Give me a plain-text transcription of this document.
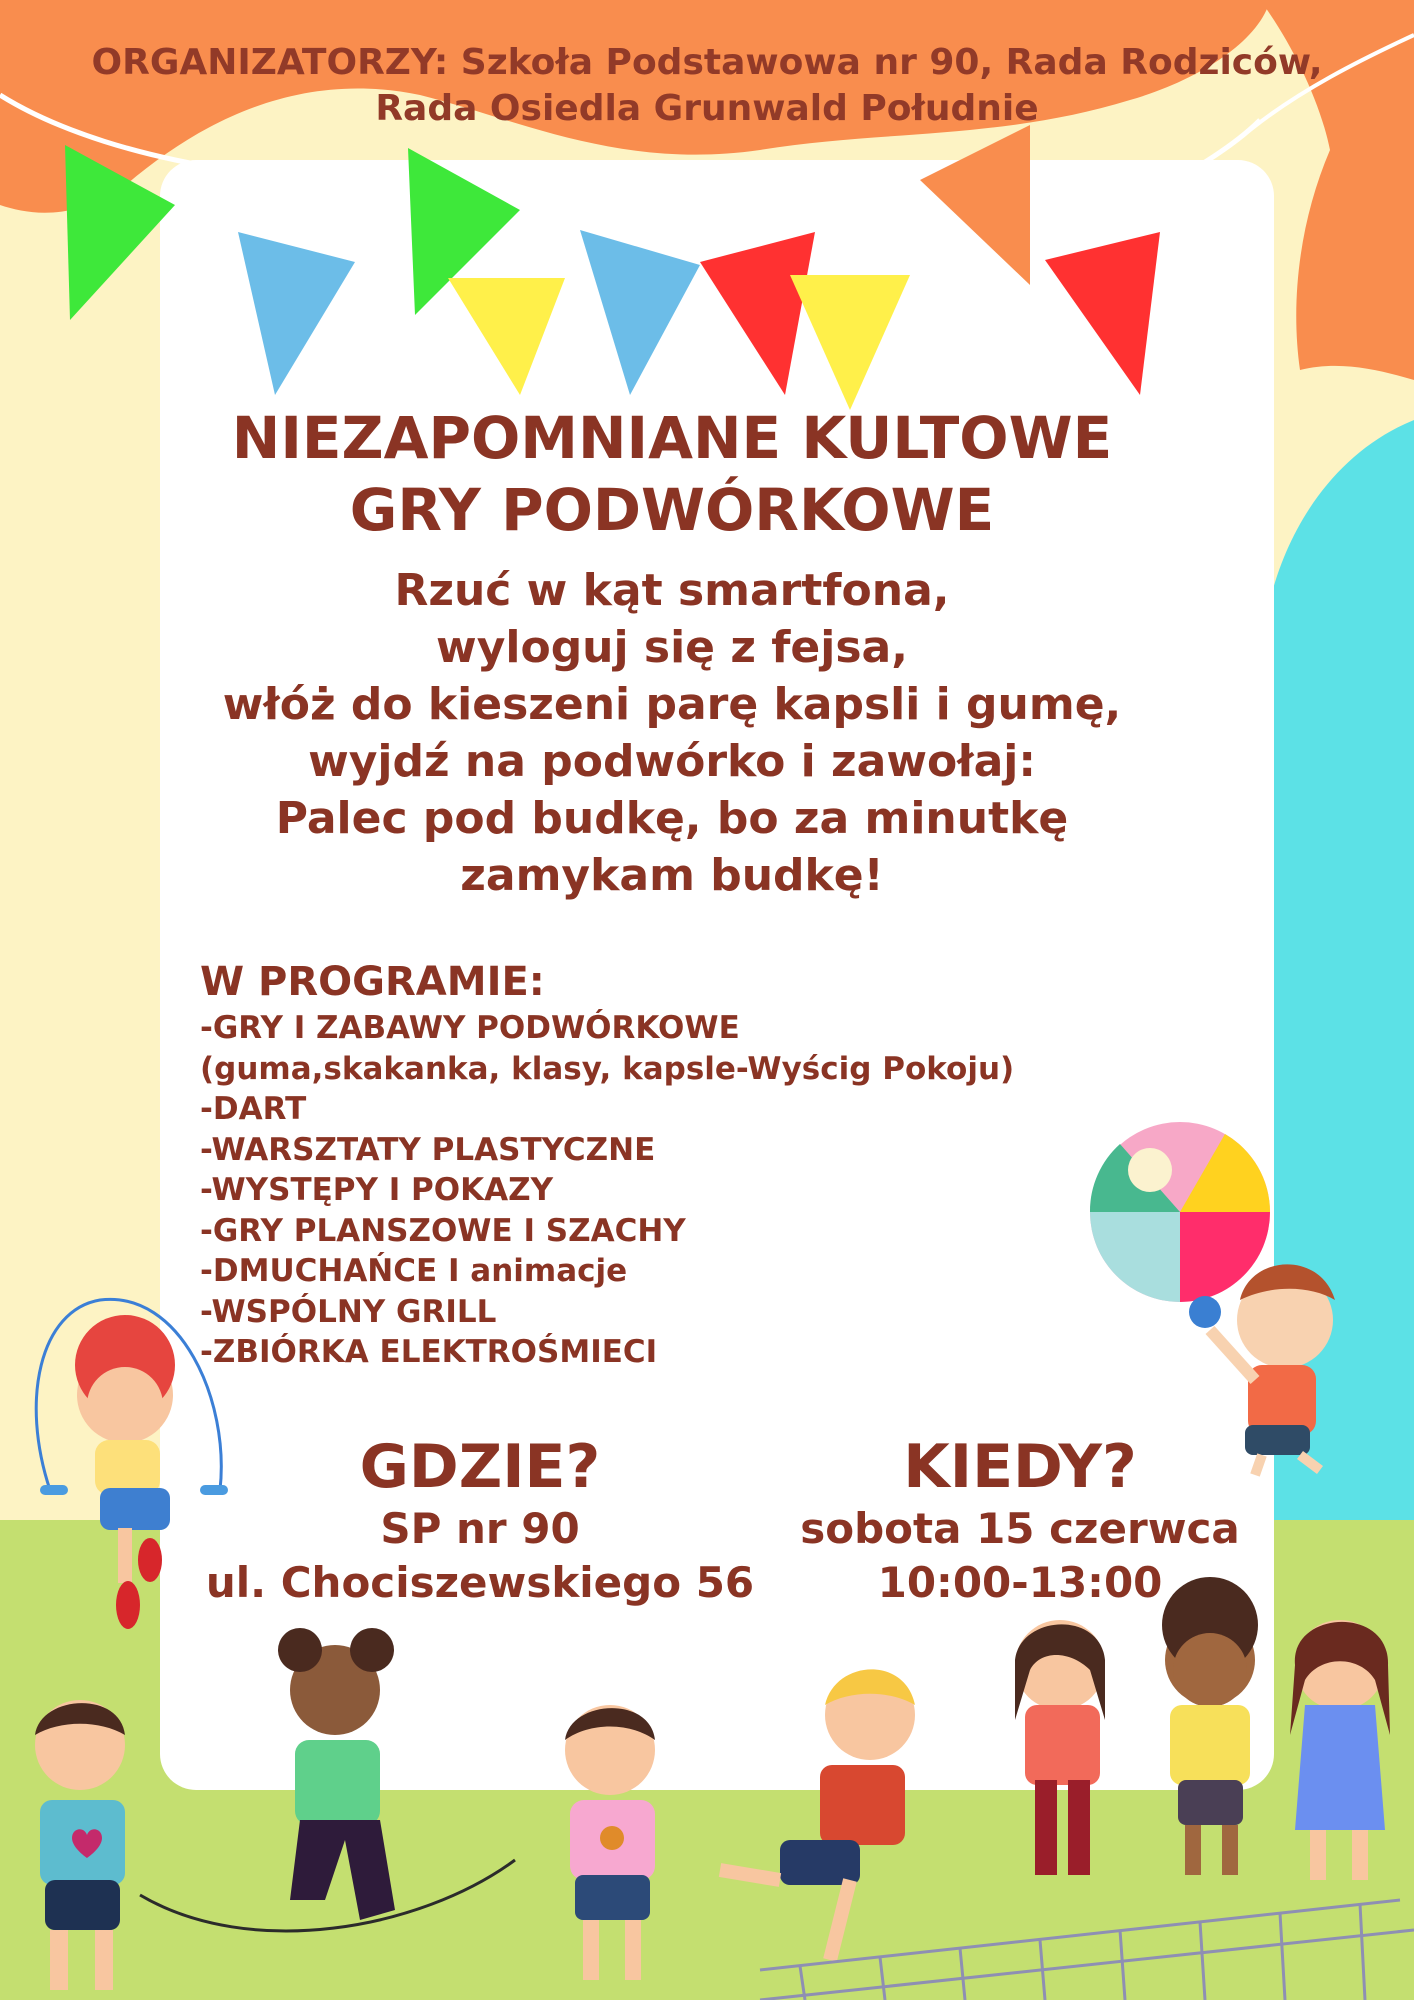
ORGANIZATORZY: Szkoła Podstawowa nr 90, Rada Rodziców,
Rada Osiedla Grunwald Południe
NIEZAPOMNIANE KULTOWE
GRY PODWÓRKOWE
Rzuć w kąt smartfona,
wyloguj się z fejsa,
włóż do kieszeni parę kapsli i gumę,
wyjdź na podwórko i zawołaj:
Palec pod budkę, bo za minutkę
zamykam budkę!
W PROGRAMIE:
-GRY I ZABAWY PODWÓRKOWE
(guma,skakanka, klasy, kapsle-Wyścig Pokoju)
-DART
-WARSZTATY PLASTYCZNE
-WYSTĘPY I POKAZY
-GRY PLANSZOWE I SZACHY
-DMUCHAŃCE I animacje
-WSPÓLNY GRILL
-ZBIÓRKA ELEKTROŚMIECI
GDZIE?
SP nr 90
ul. Chociszewskiego 56
KIEDY?
sobota 15 czerwca
10:00-13:00
